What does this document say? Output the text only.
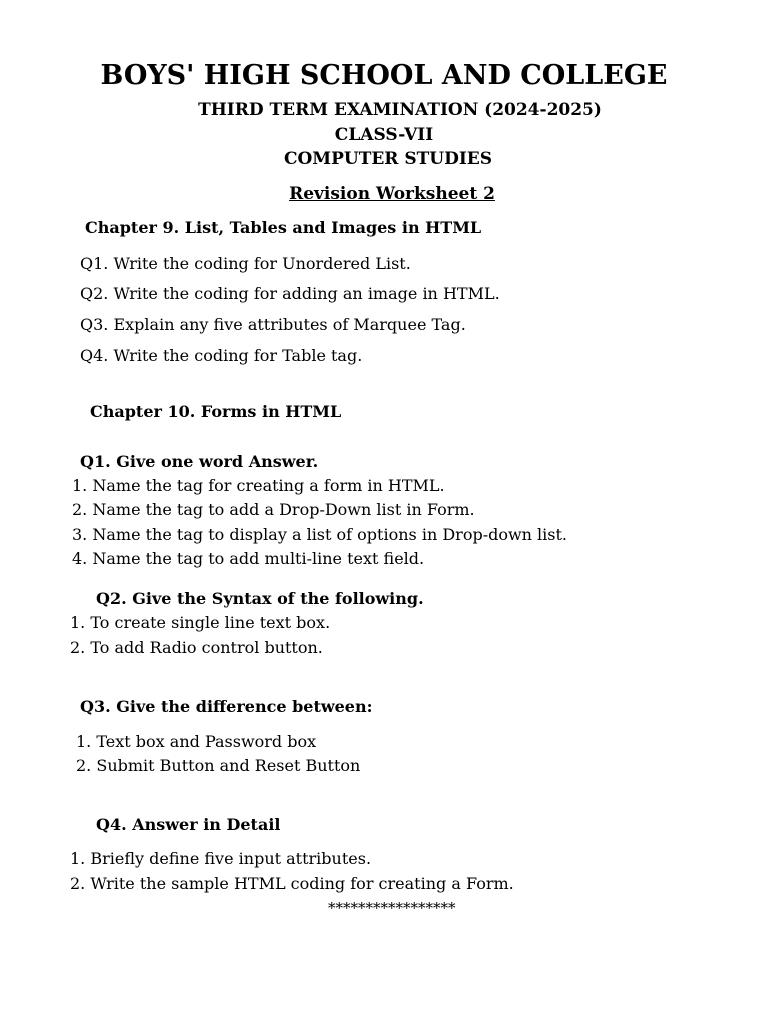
BOYS' HIGH SCHOOL AND COLLEGE
THIRD TERM EXAMINATION (2024-2025)
CLASS-VII
COMPUTER STUDIES
Revision Worksheet 2
Chapter 9. List, Tables and Images in HTML
Q1. Write the coding for Unordered List.
Q2. Write the coding for adding an image in HTML.
Q3. Explain any five attributes of Marquee Tag.
Q4. Write the coding for Table tag.
Chapter 10. Forms in HTML
Q1. Give one word Answer.
1. Name the tag for creating a form in HTML.
2. Name the tag to add a Drop-Down list in Form.
3. Name the tag to display a list of options in Drop-down list.
4. Name the tag to add multi-line text field.
Q2. Give the Syntax of the following.
1. To create single line text box.
2. To add Radio control button.
Q3. Give the difference between:
1. Text box and Password box
2. Submit Button and Reset Button
Q4. Answer in Detail
1. Briefly define five input attributes.
2. Write the sample HTML coding for creating a Form.
*****************
